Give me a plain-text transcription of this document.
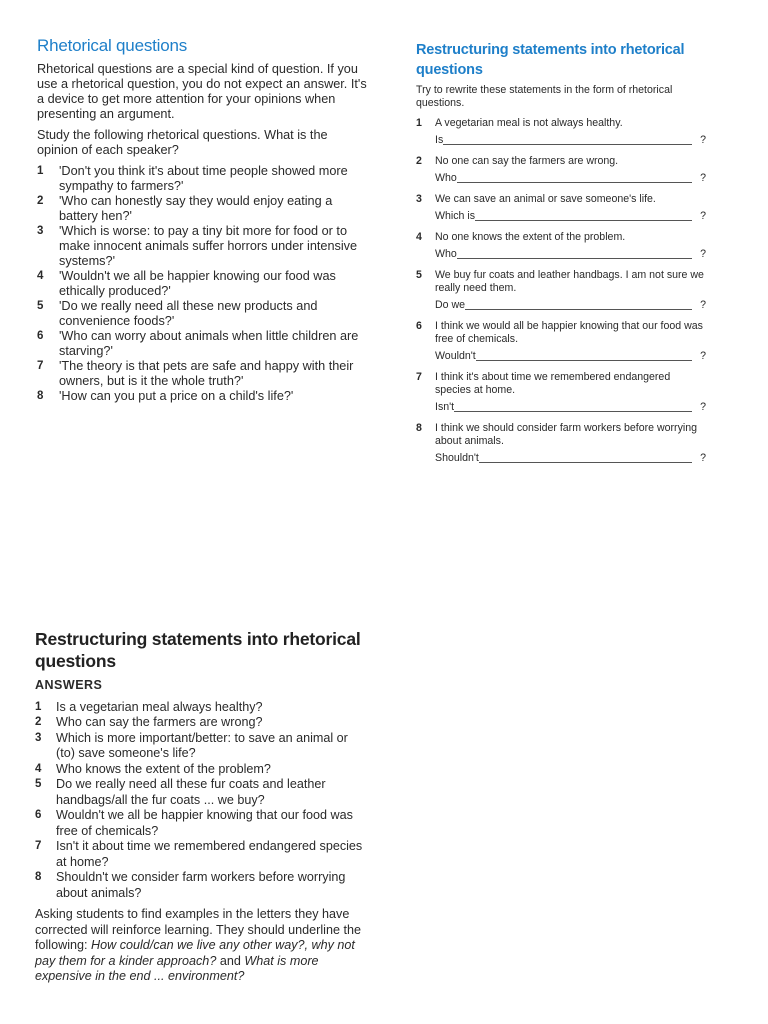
Rhetorical questions

Rhetorical questions are a special kind of question. If you use a rhetorical question, you do not expect an answer. It's a device to get more attention for your opinions when presenting an argument.

Study the following rhetorical questions. What is the opinion of each speaker?

1	'Don't you think it's about time people showed more sympathy to farmers?'
2	'Who can honestly say they would enjoy eating a battery hen?'
3	'Which is worse: to pay a tiny bit more for food or to make innocent animals suffer horrors under intensive systems?'
4	'Wouldn't we all be happier knowing our food was ethically produced?'
5	'Do we really need all these new products and convenience foods?'
6	'Who can worry about animals when little children are starving?'
7	'The theory is that pets are safe and happy with their owners, but is it the whole truth?'
8	'How can you put a price on a child's life?'
Restructuring statements into rhetorical questions

Try to rewrite these statements in the form of rhetorical questions.

1	A vegetarian meal is not always healthy.
Is	?
2	No one can say the farmers are wrong.
Who	?
3	We can save an animal or save someone's life.
Which is	?
4	No one knows the extent of the problem.
Who	?
5	We buy fur coats and leather handbags. I am not sure we really need them.
Do we	?
6	I think we would all be happier knowing that our food was free of chemicals.
Wouldn't	?
7	I think it's about time we remembered endangered species at home.
Isn't	?
8	I think we should consider farm workers before worrying about animals.
Shouldn't	?
Restructuring statements into rhetorical questions
ANSWERS
1	Is a vegetarian meal always healthy?
2	Who can say the farmers are wrong?
3	Which is more important/better: to save an animal or (to) save someone's life?
4	Who knows the extent of the problem?
5	Do we really need all these fur coats and leather handbags/all the fur coats ... we buy?
6	Wouldn't we all be happier knowing that our food was free of chemicals?
7	Isn't it about time we remembered endangered species at home?
8	Shouldn't we consider farm workers before worrying about animals?

Asking students to find examples in the letters they have corrected will reinforce learning. They should underline the following: How could/can we live any other way?, why not pay them for a kinder approach? and What is more expensive in the end ... environment?
